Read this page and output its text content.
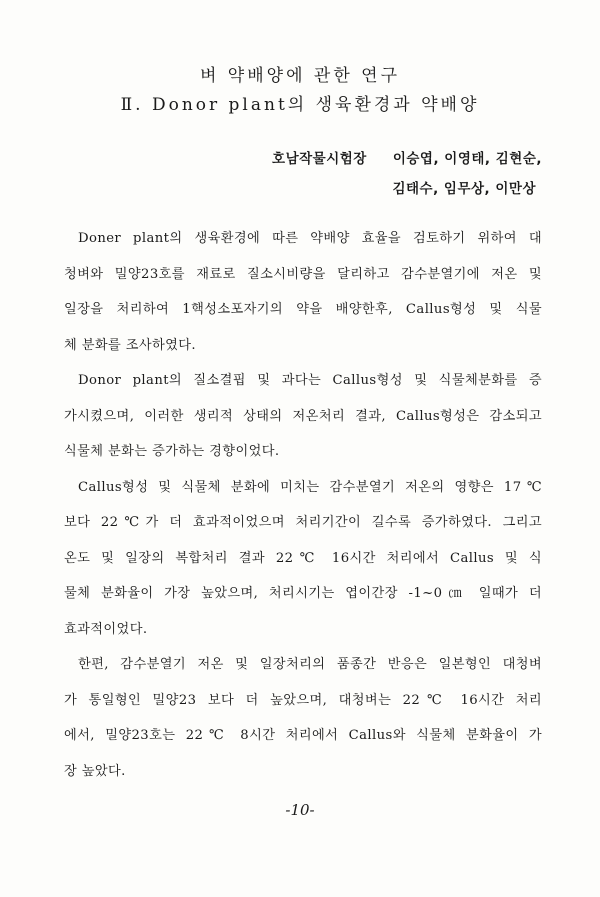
벼 약배양에 관한 연구
Ⅱ. Donor plant의 생육환경과 약배양
호남작물시험장 이승엽, 이영태, 김현순,
김태수, 임무상, 이만상
Doner plant의 생육환경에 따른 약배양 효율을 검토하기 위하여 대
청벼와 밀양23호를 재료로 질소시비량을 달리하고 감수분열기에 저온 및
일장을 처리하여 1핵성소포자기의 약을 배양한후, Callus형성 및 식물
체 분화를 조사하였다.
Donor plant의 질소결핍 및 과다는 Callus형성 및 식물체분화를 증
가시켰으며, 이러한 생리적 상태의 저온처리 결과, Callus형성은 감소되고
식물체 분화는 증가하는 경향이었다.
Callus형성 및 식물체 분화에 미치는 감수분열기 저온의 영향은 17℃
보다 22℃가 더 효과적이었으며 처리기간이 길수록 증가하였다. 그리고
온도 및 일장의 복합처리 결과 22℃ 16시간 처리에서 Callus 및 식
물체 분화율이 가장 높았으며, 처리시기는 엽이간장 -1~0㎝ 일때가 더
효과적이었다.
한편, 감수분열기 저온 및 일장처리의 품종간 반응은 일본형인 대청벼
가 통일형인 밀양23 보다 더 높았으며, 대청벼는 22℃ 16시간 처리
에서, 밀양23호는 22℃ 8시간 처리에서 Callus와 식물체 분화율이 가
장 높았다.
-10-
